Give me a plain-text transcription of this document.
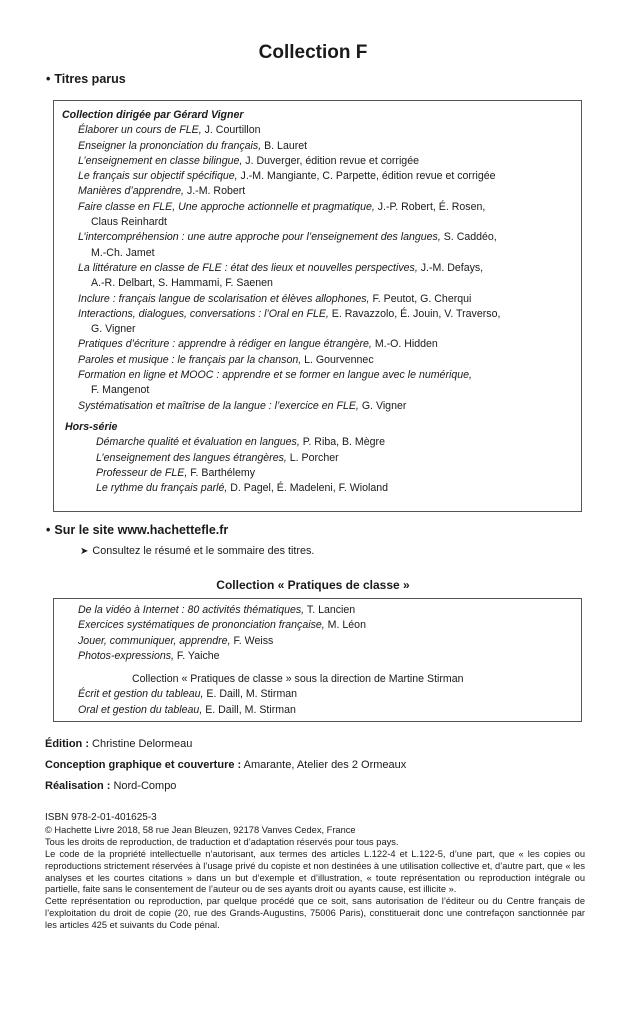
Collection F
• Titres parus
Collection dirigée par Gérard Vigner
Élaborer un cours de FLE, J. Courtillon
Enseigner la prononciation du français, B. Lauret
L’enseignement en classe bilingue, J. Duverger, édition revue et corrigée
Le français sur objectif spécifique, J.-M. Mangiante, C. Parpette, édition revue et corrigée
Manières d’apprendre, J.-M. Robert
Faire classe en FLE, Une approche actionnelle et pragmatique, J.-P. Robert, É. Rosen,
Claus Reinhardt
L’intercompréhension : une autre approche pour l’enseignement des langues, S. Caddéo,
M.-Ch. Jamet
La littérature en classe de FLE : état des lieux et nouvelles perspectives, J.-M. Defays,
A.-R. Delbart, S. Hammami, F. Saenen
Inclure : français langue de scolarisation et élèves allophones, F. Peutot, G. Cherqui
Interactions, dialogues, conversations : l’Oral en FLE, E. Ravazzolo, É. Jouin, V. Traverso,
G. Vigner
Pratiques d’écriture : apprendre à rédiger en langue étrangère, M.-O. Hidden
Paroles et musique : le français par la chanson, L. Gourvennec
Formation en ligne et MOOC : apprendre et se former en langue avec le numérique,
F. Mangenot
Systématisation et maîtrise de la langue : l’exercice en FLE, G. Vigner
Hors-série
Démarche qualité et évaluation en langues, P. Riba, B. Mègre
L’enseignement des langues étrangères, L. Porcher
Professeur de FLE, F. Barthélemy
Le rythme du français parlé, D. Pagel, É. Madeleni, F. Wioland
• Sur le site www.hachettefle.fr
➤ Consultez le résumé et le sommaire des titres.
Collection « Pratiques de classe »
De la vidéo à Internet : 80 activités thématiques, T. Lancien
Exercices systématiques de prononciation française, M. Léon
Jouer, communiquer, apprendre, F. Weiss
Photos-expressions, F. Yaiche
Collection « Pratiques de classe » sous la direction de Martine Stirman
Écrit et gestion du tableau, E. Daill, M. Stirman
Oral et gestion du tableau, E. Daill, M. Stirman
Édition : Christine Delormeau
Conception graphique et couverture : Amarante, Atelier des 2 Ormeaux
Réalisation : Nord-Compo

ISBN 978-2-01-401625-3

© Hachette Livre 2018, 58 rue Jean Bleuzen, 92178 Vanves Cedex, France

Tous les droits de reproduction, de traduction et d’adaptation réservés pour tous pays.

Le code de la propriété intellectuelle n’autorisant, aux termes des articles L.122-4 et L.122-5, d’une part, que « les copies ou reproductions strictement réservées à l’usage privé du copiste et non destinées à une utilisation collective et, d’autre part, que « les analyses et les courtes citations » dans un but d’exemple et d’illustration, « toute représentation ou reproduction intégrale ou partielle, faite sans le consentement de l’auteur ou de ses ayants droit ou ayants cause, est illicite ».

Cette représentation ou reproduction, par quelque procédé que ce soit, sans autorisation de l’éditeur ou du Centre français de l’exploitation du droit de copie (20, rue des Grands-Augustins, 75006 Paris), constituerait donc une contrefaçon sanctionnée par les articles 425 et suivants du Code pénal.
